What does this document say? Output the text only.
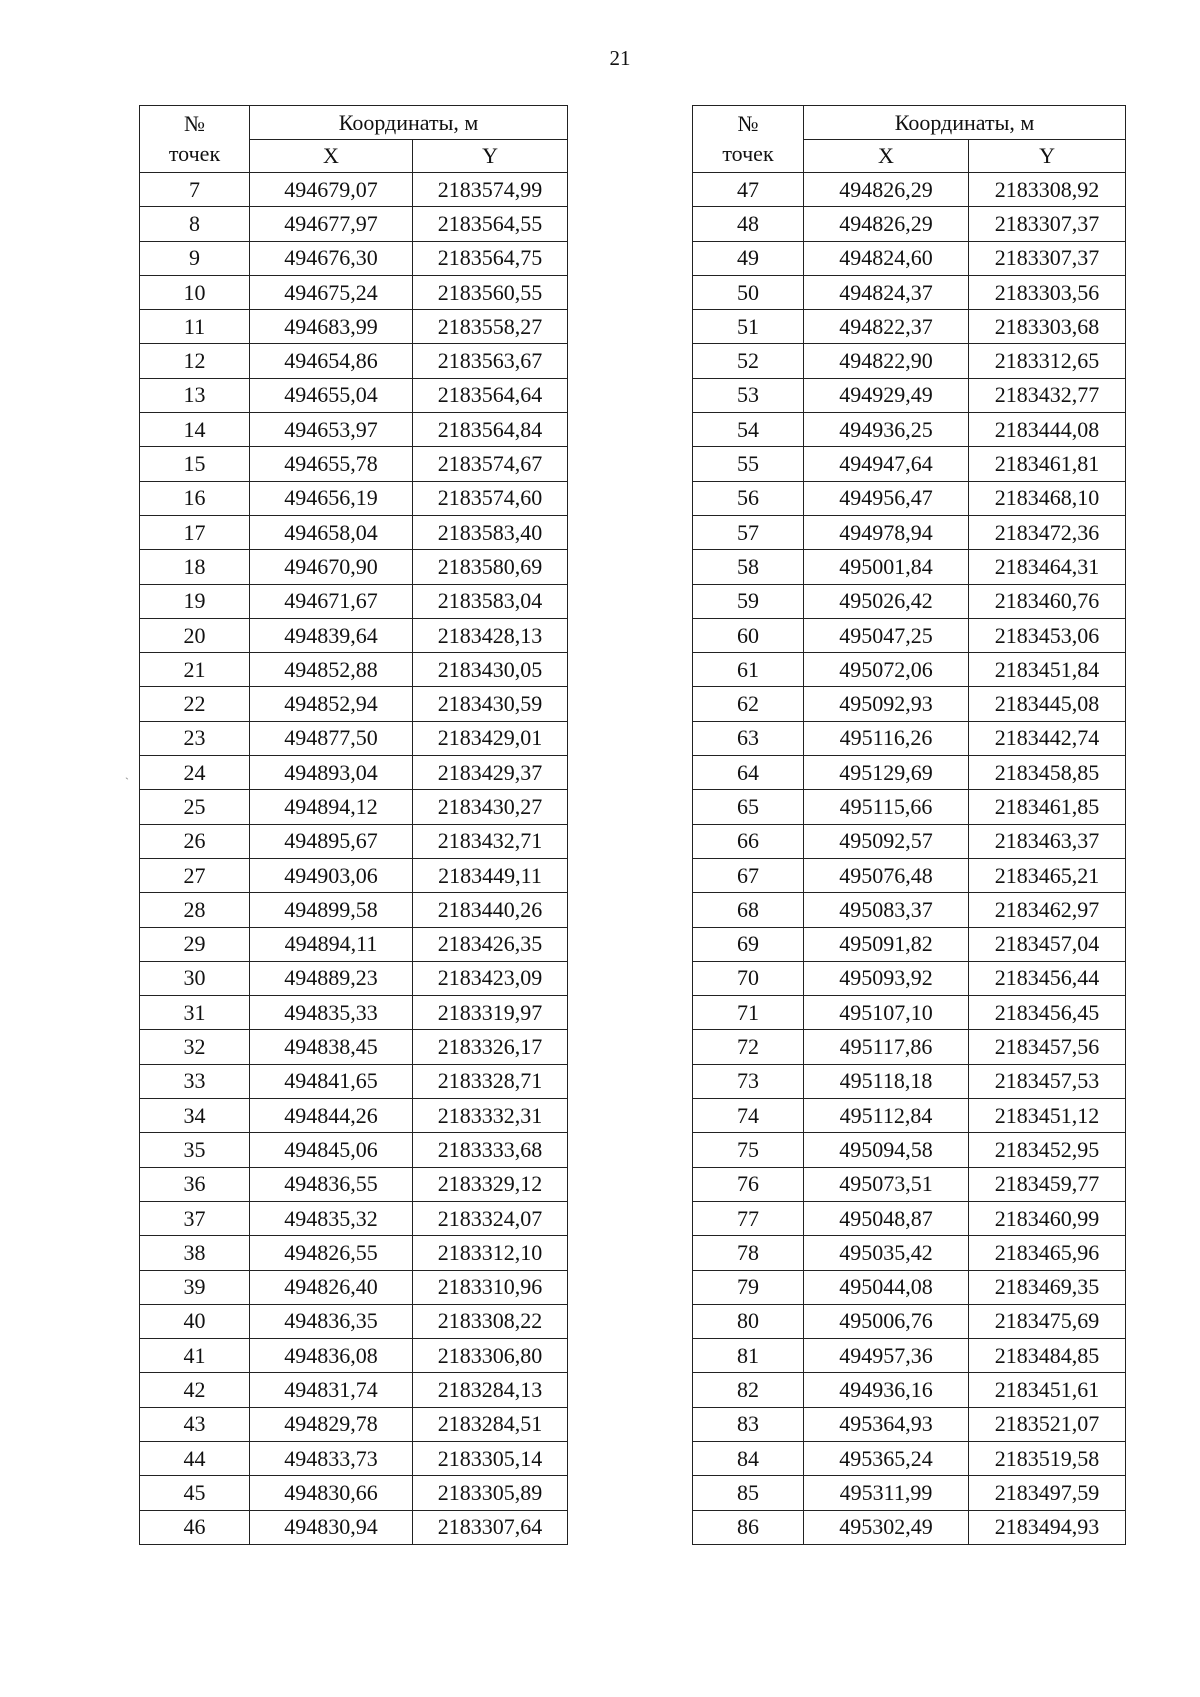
21
`
№
точек	Координаты, м	
	X	Y
7	494679,07	2183574,99
8	494677,97	2183564,55
9	494676,30	2183564,75
10	494675,24	2183560,55
11	494683,99	2183558,27
12	494654,86	2183563,67
13	494655,04	2183564,64
14	494653,97	2183564,84
15	494655,78	2183574,67
16	494656,19	2183574,60
17	494658,04	2183583,40
18	494670,90	2183580,69
19	494671,67	2183583,04
20	494839,64	2183428,13
21	494852,88	2183430,05
22	494852,94	2183430,59
23	494877,50	2183429,01
24	494893,04	2183429,37
25	494894,12	2183430,27
26	494895,67	2183432,71
27	494903,06	2183449,11
28	494899,58	2183440,26
29	494894,11	2183426,35
30	494889,23	2183423,09
31	494835,33	2183319,97
32	494838,45	2183326,17
33	494841,65	2183328,71
34	494844,26	2183332,31
35	494845,06	2183333,68
36	494836,55	2183329,12
37	494835,32	2183324,07
38	494826,55	2183312,10
39	494826,40	2183310,96
40	494836,35	2183308,22
41	494836,08	2183306,80
42	494831,74	2183284,13
43	494829,78	2183284,51
44	494833,73	2183305,14
45	494830,66	2183305,89
46	494830,94	2183307,64
№
точек	Координаты, м	
	X	Y
47	494826,29	2183308,92
48	494826,29	2183307,37
49	494824,60	2183307,37
50	494824,37	2183303,56
51	494822,37	2183303,68
52	494822,90	2183312,65
53	494929,49	2183432,77
54	494936,25	2183444,08
55	494947,64	2183461,81
56	494956,47	2183468,10
57	494978,94	2183472,36
58	495001,84	2183464,31
59	495026,42	2183460,76
60	495047,25	2183453,06
61	495072,06	2183451,84
62	495092,93	2183445,08
63	495116,26	2183442,74
64	495129,69	2183458,85
65	495115,66	2183461,85
66	495092,57	2183463,37
67	495076,48	2183465,21
68	495083,37	2183462,97
69	495091,82	2183457,04
70	495093,92	2183456,44
71	495107,10	2183456,45
72	495117,86	2183457,56
73	495118,18	2183457,53
74	495112,84	2183451,12
75	495094,58	2183452,95
76	495073,51	2183459,77
77	495048,87	2183460,99
78	495035,42	2183465,96
79	495044,08	2183469,35
80	495006,76	2183475,69
81	494957,36	2183484,85
82	494936,16	2183451,61
83	495364,93	2183521,07
84	495365,24	2183519,58
85	495311,99	2183497,59
86	495302,49	2183494,93
